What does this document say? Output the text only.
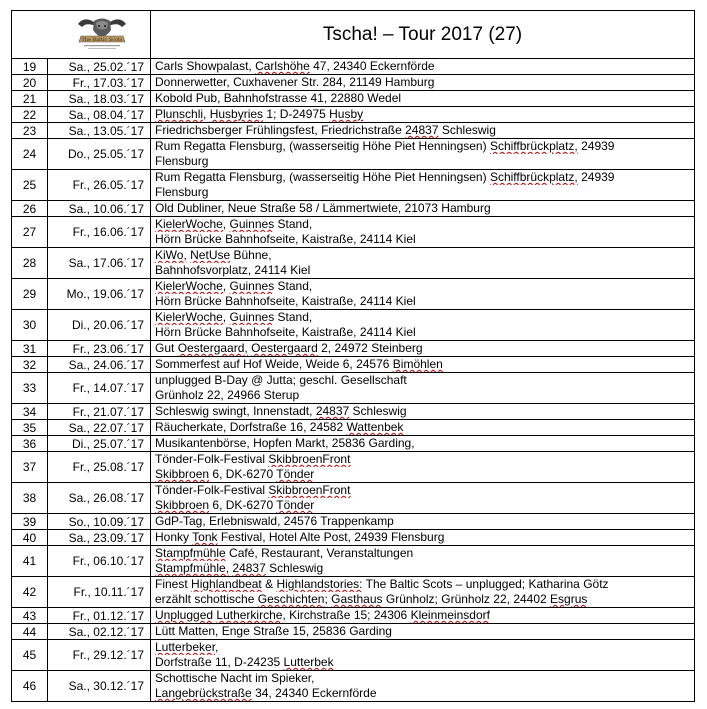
The Baltic Scots		Tscha! – Tour 2017 (27)
19	Sa., 25.02.´17	Carls Showpalast, Carlshöhe 47, 24340 Eckernförde

20	Fr., 17.03.´17	Donnerwetter, Cuxhavener Str. 284, 21149 Hamburg

21	Sa., 18.03.´17	Kobold Pub, Bahnhofstrasse 41, 22880 Wedel

22	Sa., 08.04.´17	Plunschli, Husbyries 1; D-24975 Husby

23	Sa., 13.05.´17	Friedrichsberger Frühlingsfest, Friedrichstraße 24837 Schleswig

24	Do., 25.05.´17	Rum Regatta Flensburg, (wasserseitig Höhe Piet Henningsen) Schiffbrückplatz, 24939
Flensburg

25	Fr., 26.05.´17	Rum Regatta Flensburg, (wasserseitig Höhe Piet Henningsen) Schiffbrückplatz, 24939
Flensburg

26	Sa., 10.06.´17	Old Dubliner, Neue Straße 58 / Lämmertwiete, 21073 Hamburg

27	Fr., 16.06.´17	KielerWoche, Guinnes Stand,
Hörn Brücke Bahnhofseite, Kaistraße, 24114 Kiel

28	Sa., 17.06.´17	KiWo, NetUse Bühne,
Bahnhofsvorplatz, 24114 Kiel

29	Mo., 19.06.´17	KielerWoche, Guinnes Stand,
Hörn Brücke Bahnhofseite, Kaistraße, 24114 Kiel

30	Di., 20.06.´17	KielerWoche, Guinnes Stand,
Hörn Brücke Bahnhofseite, Kaistraße, 24114 Kiel

31	Fr., 23.06.´17	Gut Oestergaard, Oestergaard 2, 24972 Steinberg

32	Sa., 24.06.´17	Sommerfest auf Hof Weide, Weide 6, 24576 Bimöhlen

33	Fr., 14.07.´17	unplugged B-Day @ Jutta; geschl. Gesellschaft
Grünholz 22, 24966 Sterup

34	Fr., 21.07.´17	Schleswig swingt, Innenstadt, 24837 Schleswig

35	Sa., 22.07.´17	Räucherkate, Dorfstraße 16, 24582 Wattenbek

36	Di., 25.07.´17	Musikantenbörse, Hopfen Markt, 25836 Garding,

37	Fr., 25.08.´17	Tönder-Folk-Festival SkibbroenFront
Skibbroen 6, DK-6270 Tönder

38	Sa., 26.08.´17	Tönder-Folk-Festival SkibbroenFront
Skibbroen 6, DK-6270 Tönder

39	So., 10.09.´17	GdP-Tag, Erlebniswald, 24576 Trappenkamp

40	Sa., 23.09.´17	Honky Tonk Festival, Hotel Alte Post, 24939 Flensburg

41	Fr., 06.10.´17	Stampfmühle Café, Restaurant, Veranstaltungen
Stampfmühle, 24837 Schleswig

42	Fr., 10.11.´17	Finest Highlandbeat & Highlandstories: The Baltic Scots – unplugged; Katharina Götz
erzählt schottische Geschichten; Gasthaus Grünholz; Grünholz 22, 24402 Esgrus

43	Fr., 01.12.´17	Unplugged Lutherkirche, Kirchstraße 15; 24306 Kleinmeinsdorf

44	Sa., 02.12.´17	Lütt Matten, Enge Straße 15, 25836 Garding

45	Fr., 29.12.´17	Lutterbeker,
Dorfstraße 11, D-24235 Lutterbek

46	Sa., 30.12.´17	Schottische Nacht im Spieker,
Langebrückstraße 34, 24340 Eckernförde
